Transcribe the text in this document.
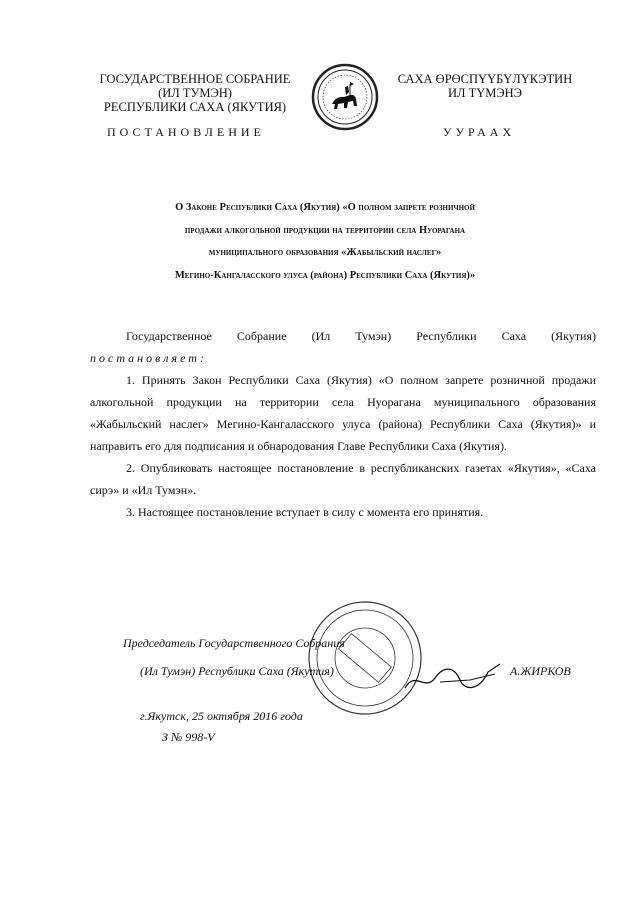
ГОСУДАРСТВЕННОЕ СОБРАНИЕ
(ИЛ ТУМЭН)
РЕСПУБЛИКИ САХА (ЯКУТИЯ)
САХА ӨРӨСПҮҮБҮЛҮКЭТИН
ИЛ ТҮМЭНЭ
ПОСТАНОВЛЕНИЕ	УУРААХ
О Законе Республики Саха (Якутия) «О полном запрете розничной
продажи алкогольной продукции на территории села Нуорагана
муниципального образования «Жабыльский наслег»
Мегино-Кангаласского улуса (района) Республики Саха (Якутия)»
Государственное Собрание (Ил Тумэн) Республики Саха (Якутия)
постановляет:
1. Принять Закон Республики Саха (Якутия) «О полном запрете розничной продажи алкогольной продукции на территории села Нуорагана муниципального образования «Жабыльский наслег» Мегино-Кангаласского улуса (района) Республики Саха (Якутия)» и направить его для подписания и обнародования Главе Республики Саха (Якутия).
2. Опубликовать настоящее постановление в республиканских газетах «Якутия», «Саха сирэ» и «Ил Тумэн».
3. Настоящее постановление вступает в силу с момента его принятия.
Председатель Государственного Собрания
(Ил Тумэн) Республики Саха (Якутия)	А.ЖИРКОВ
г.Якутск, 25 октября 2016 года
З № 998-V
